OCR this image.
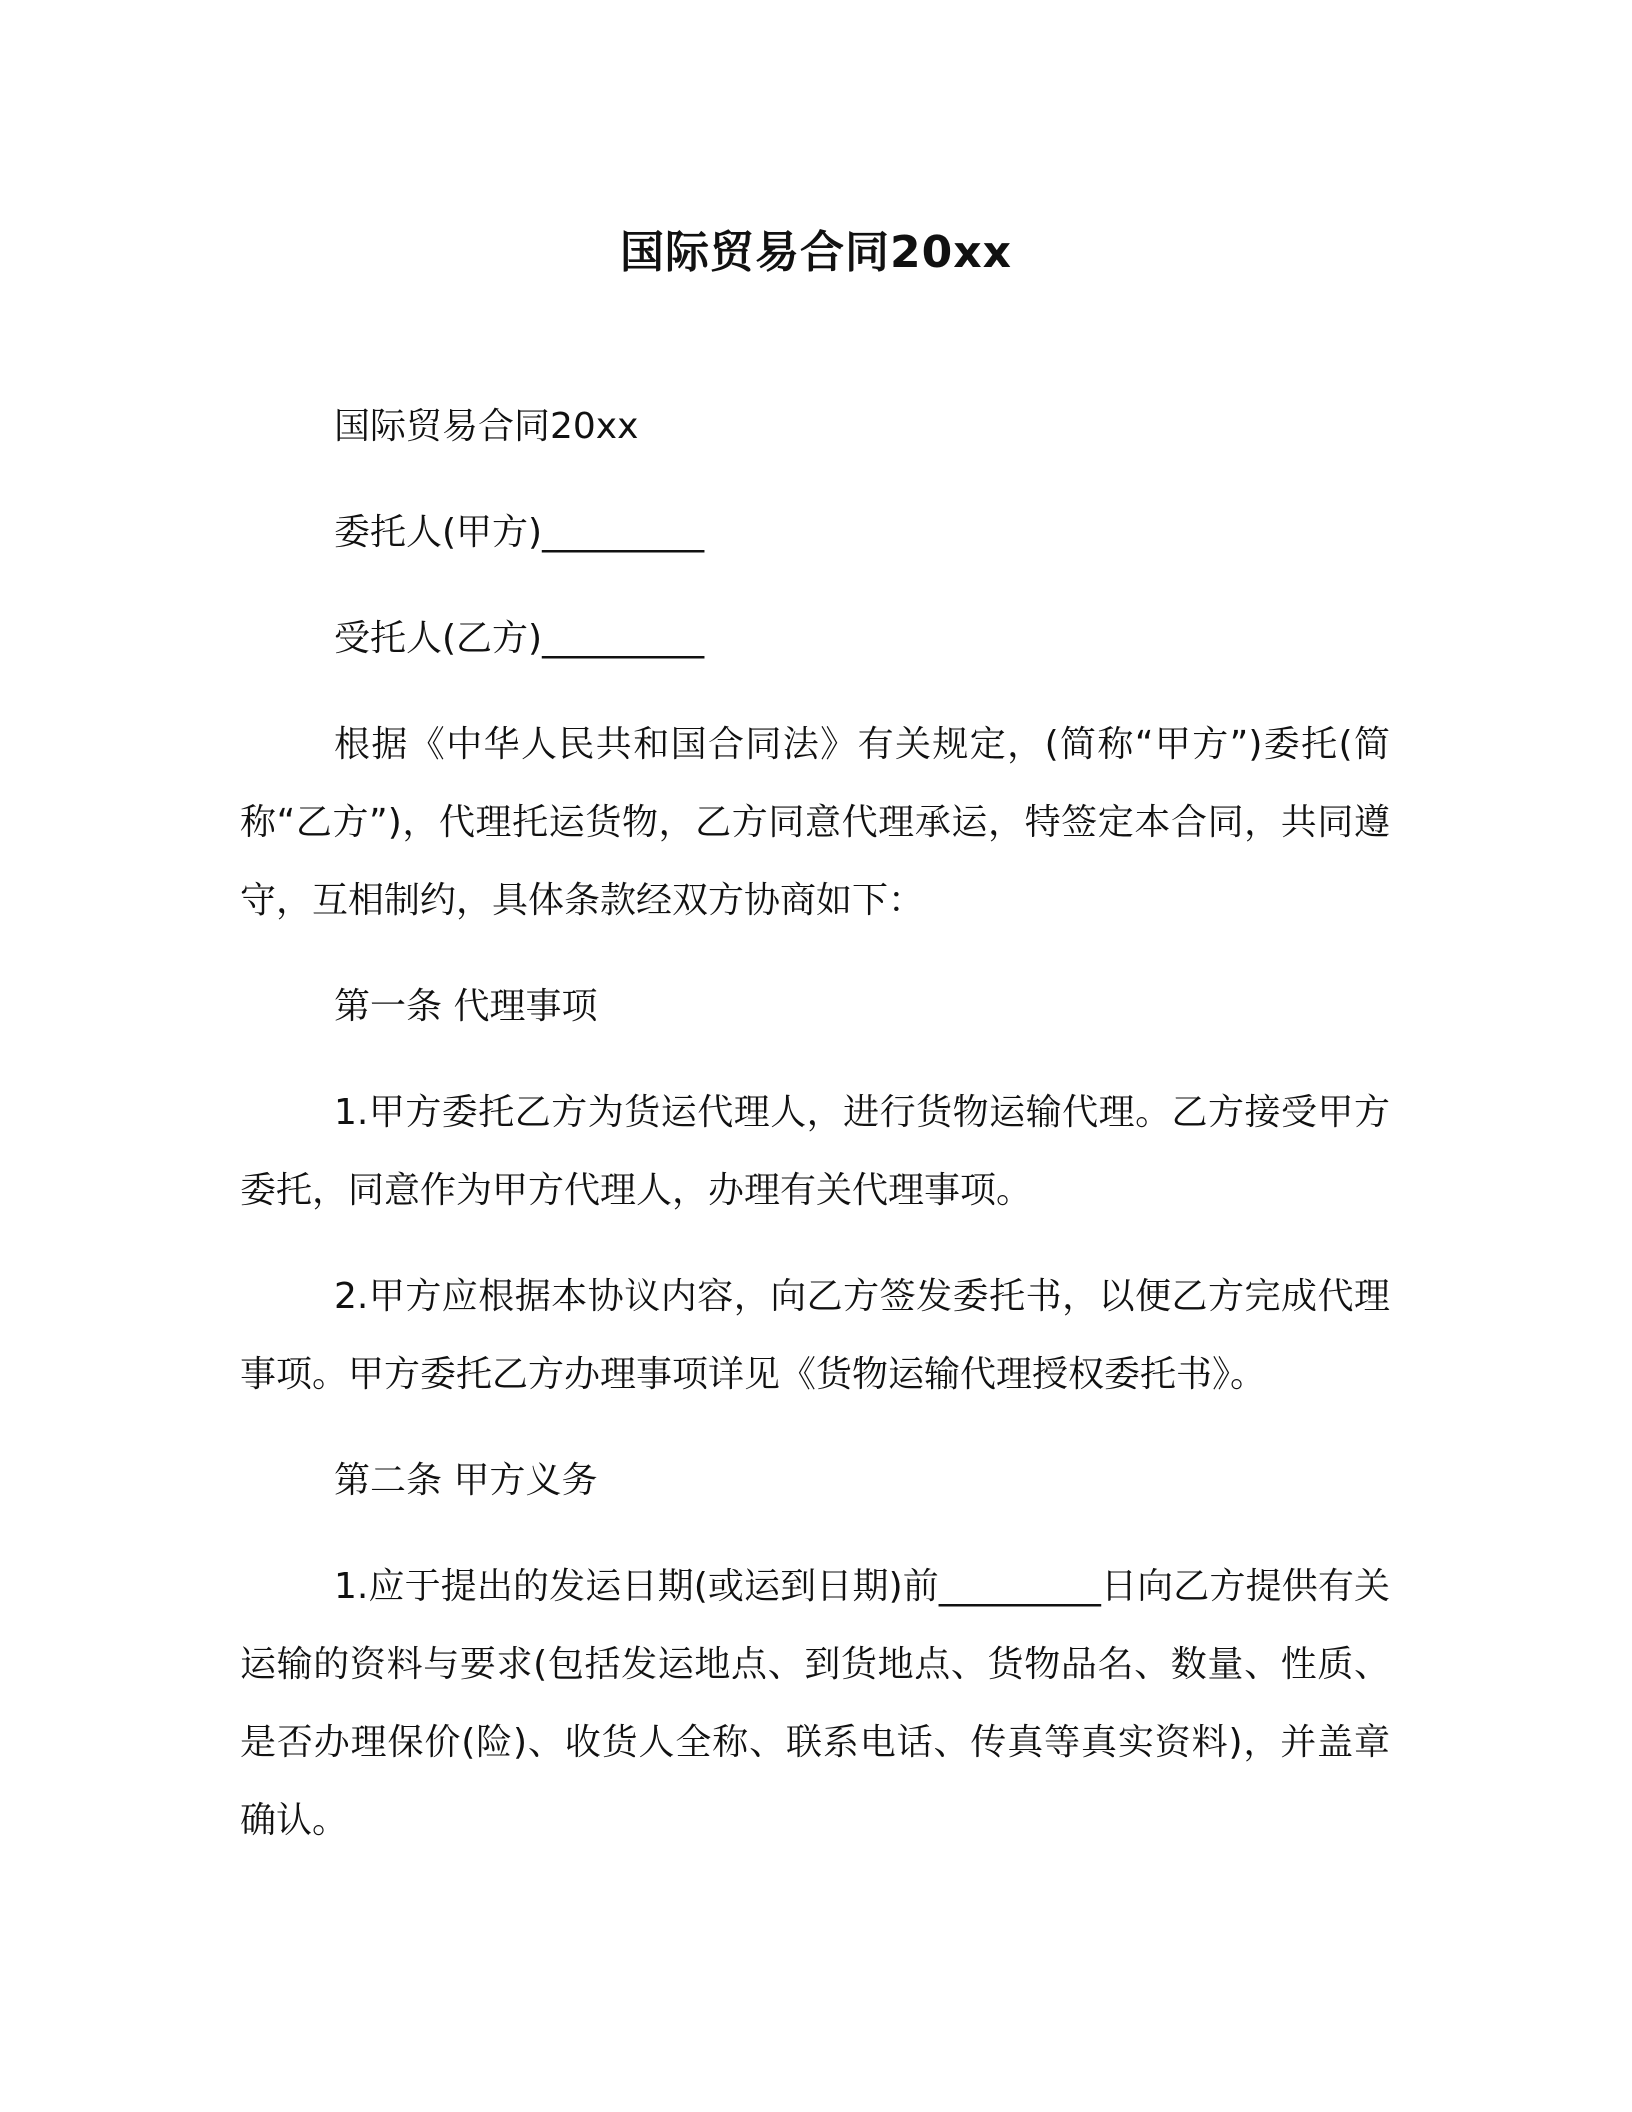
国际贸易合同20xx

国际贸易合同20xx

委托人(甲方)_________

受托人(乙方)_________

根据《中华人民共和国合同法》有关规定，(简称“甲方”)委托(简称“乙方”)，代理托运货物，乙方同意代理承运，特签定本合同，共同遵守，互相制约，具体条款经双方协商如下：

第一条 代理事项

1.甲方委托乙方为货运代理人，进行货物运输代理。乙方接受甲方委托，同意作为甲方代理人，办理有关代理事项。

2.甲方应根据本协议内容，向乙方签发委托书，以便乙方完成代理事项。甲方委托乙方办理事项详见《货物运输代理授权委托书》。

第二条 甲方义务

1.应于提出的发运日期(或运到日期)前_________日向乙方提供有关运输的资料与要求(包括发运地点、到货地点、货物品名、数量、性质、是否办理保价(险)、收货人全称、联系电话、传真等真实资料)，并盖章确认。
